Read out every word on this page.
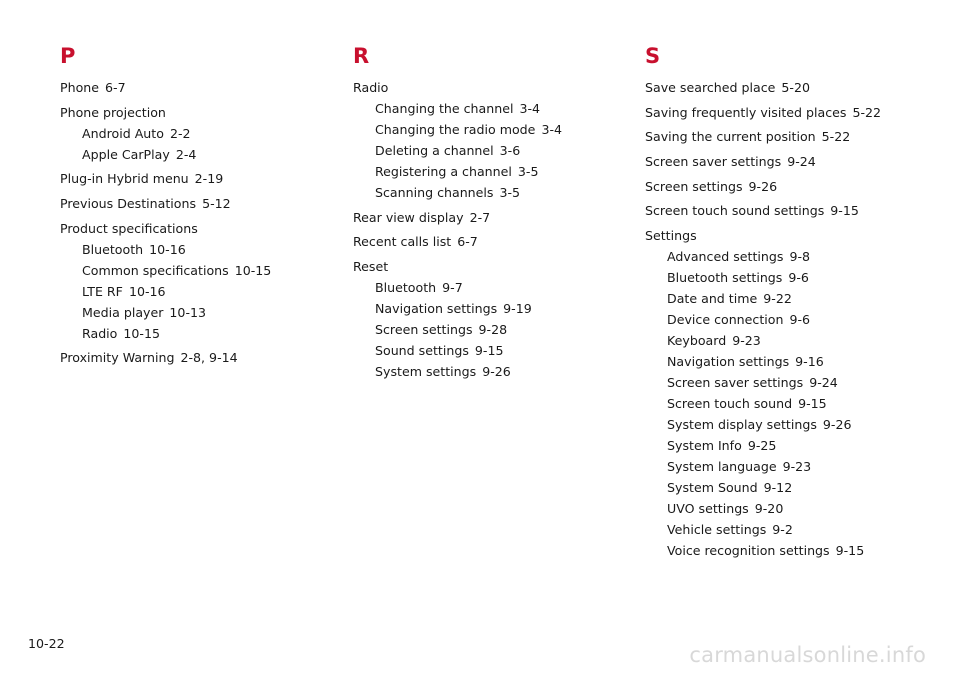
P
Phone 6-7
Phone projection
Android Auto 2-2
Apple CarPlay 2-4
Plug-in Hybrid menu 2-19
Previous Destinations 5-12
Product specifications
Bluetooth 10-16
Common specifications 10-15
LTE RF 10-16
Media player 10-13
Radio 10-15
Proximity Warning 2-8, 9-14
R
Radio
Changing the channel 3-4
Changing the radio mode 3-4
Deleting a channel 3-6
Registering a channel 3-5
Scanning channels 3-5
Rear view display 2-7
Recent calls list 6-7
Reset
Bluetooth 9-7
Navigation settings 9-19
Screen settings 9-28
Sound settings 9-15
System settings 9-26
S
Save searched place 5-20
Saving frequently visited places 5-22
Saving the current position 5-22
Screen saver settings 9-24
Screen settings 9-26
Screen touch sound settings 9-15
Settings
Advanced settings 9-8
Bluetooth settings 9-6
Date and time 9-22
Device connection 9-6
Keyboard 9-23
Navigation settings 9-16
Screen saver settings 9-24
Screen touch sound 9-15
System display settings 9-26
System Info 9-25
System language 9-23
System Sound 9-12
UVO settings 9-20
Vehicle settings 9-2
Voice recognition settings 9-15
10-22	carmanualsonline.info
